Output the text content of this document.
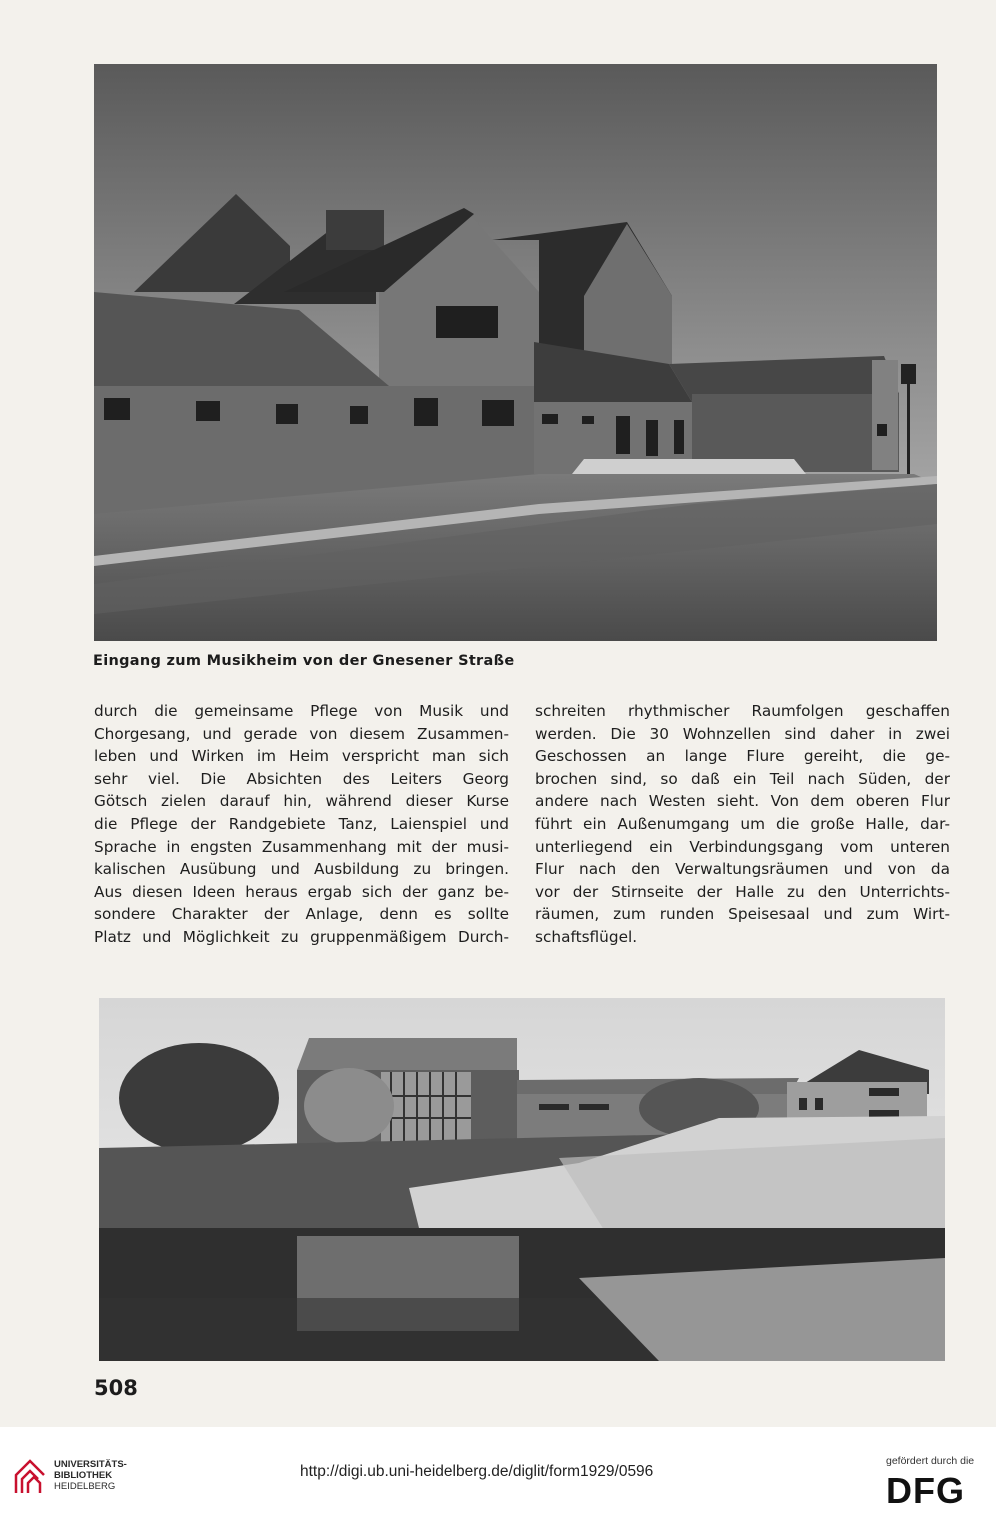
Eingang zum Musikheim von der Gnesener Straße
durch die gemeinsame Pflege von Musik und
Chorgesang, und gerade von diesem Zusammen-
leben und Wirken im Heim verspricht man sich
sehr viel. Die Absichten des Leiters Georg
Götsch zielen darauf hin, während dieser Kurse
die Pflege der Randgebiete Tanz, Laienspiel und
Sprache in engsten Zusammenhang mit der musi-
kalischen Ausübung und Ausbildung zu bringen.
Aus diesen Ideen heraus ergab sich der ganz be-
sondere Charakter der Anlage, denn es sollte
Platz und Möglichkeit zu gruppenmäßigem Durch-
schreiten rhythmischer Raumfolgen geschaffen
werden. Die 30 Wohnzellen sind daher in zwei
Geschossen an lange Flure gereiht, die ge-
brochen sind, so daß ein Teil nach Süden, der
andere nach Westen sieht. Von dem oberen Flur
führt ein Außenumgang um die große Halle, dar-
unterliegend ein Verbindungsgang vom unteren
Flur nach den Verwaltungsräumen und von da
vor der Stirnseite der Halle zu den Unterrichts-
räumen, zum runden Speisesaal und zum Wirt-
schaftsflügel.
508
UNIVERSITÄTS-
BIBLIOTHEK
HEIDELBERG
http://digi.ub.uni-heidelberg.de/diglit/form1929/0596
gefördert durch die
DFG
